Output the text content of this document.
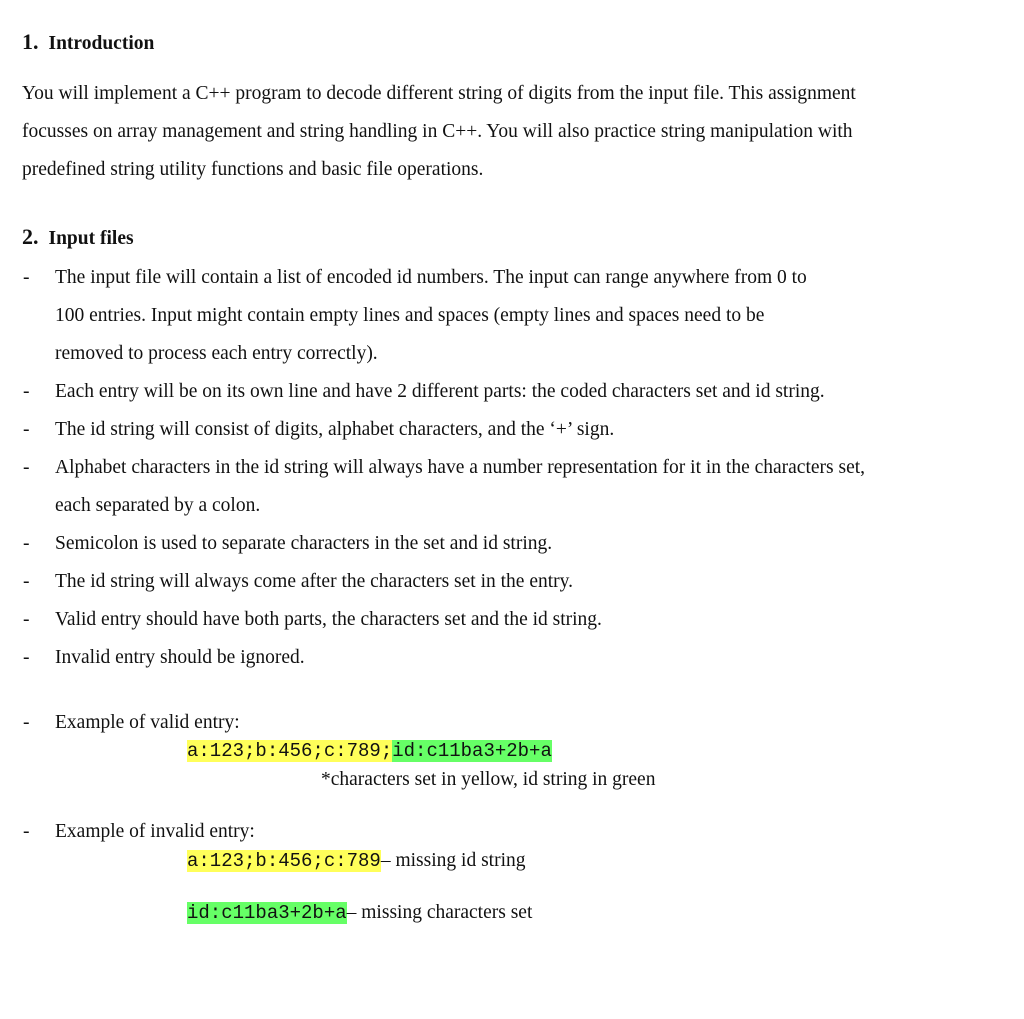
1. Introduction
You will implement a C++ program to decode different string of digits from the input file. This assignment
focusses on array management and string handling in C++. You will also practice string manipulation with
predefined string utility functions and basic file operations.
2. Input files
- The input file will contain a list of encoded id numbers. The input can range anywhere from 0 to
100 entries. Input might contain empty lines and spaces (empty lines and spaces need to be
removed to process each entry correctly).
- Each entry will be on its own line and have 2 different parts: the coded characters set and id string.
- The id string will consist of digits, alphabet characters, and the ‘+’ sign.
- Alphabet characters in the id string will always have a number representation for it in the characters set,
each separated by a colon.
- Semicolon is used to separate characters in the set and id string.
- The id string will always come after the characters set in the entry.
- Valid entry should have both parts, the characters set and the id string.
- Invalid entry should be ignored.
- Example of valid entry:
a:123;b:456;c:789;id:c11ba3+2b+a
*characters set in yellow, id string in green
- Example of invalid entry:
a:123;b:456;c:789– missing id string
id:c11ba3+2b+a– missing characters set
